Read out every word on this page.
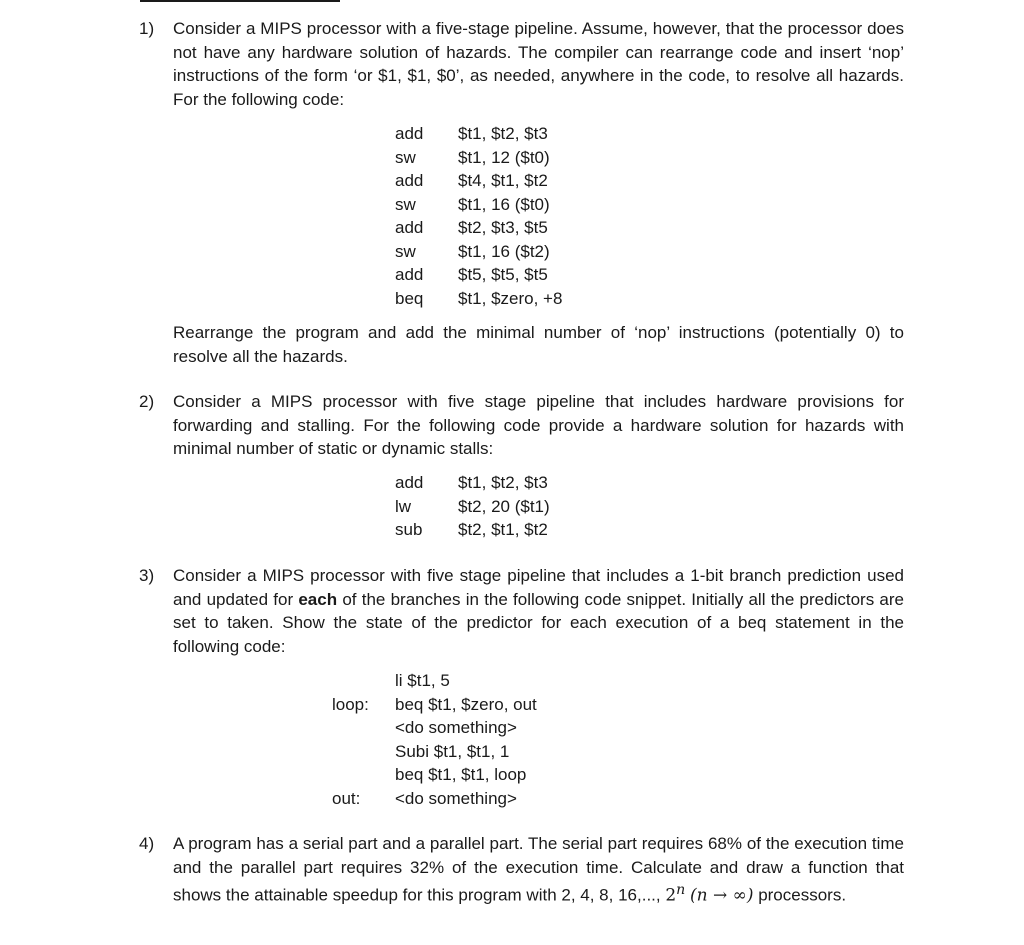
1)	Consider a MIPS processor with a five-stage pipeline. Assume, however, that the processor does not have any hardware solution of hazards. The compiler can rearrange code and insert ‘nop’ instructions of the form ‘or $1, $1, $0’, as needed, anywhere in the code, to resolve all hazards. For the following code:
add	$t1, $t2, $t3
sw	$t1, 12 ($t0)
add	$t4, $t1, $t2
sw	$t1, 16 ($t0)
add	$t2, $t3, $t5
sw	$t1, 16 ($t2)
add	$t5, $t5, $t5
beq	$t1, $zero, +8
Rearrange the program and add the minimal number of ‘nop’ instructions (potentially 0) to resolve all the hazards.
2)	Consider a MIPS processor with five stage pipeline that includes hardware provisions for forwarding and stalling. For the following code provide a hardware solution for hazards with minimal number of static or dynamic stalls:
add	$t1, $t2, $t3
lw	$t2, 20 ($t1)
sub	$t2, $t1, $t2
3)	Consider a MIPS processor with five stage pipeline that includes a 1-bit branch prediction used and updated for each of the branches in the following code snippet. Initially all the predictors are set to taken. Show the state of the predictor for each execution of a beq statement in the following code:
li $t1, 5
loop:	beq $t1, $zero, out
<do something>
Subi $t1, $t1, 1
beq $t1, $t1, loop
out:	<do something>
4)	A program has a serial part and a parallel part. The serial part requires 68% of the execution time and the parallel part requires 32% of the execution time. Calculate and draw a function that shows the attainable speedup for this program with 2, 4, 8, 16,..., 2$^n$ (n → ∞) processors.
